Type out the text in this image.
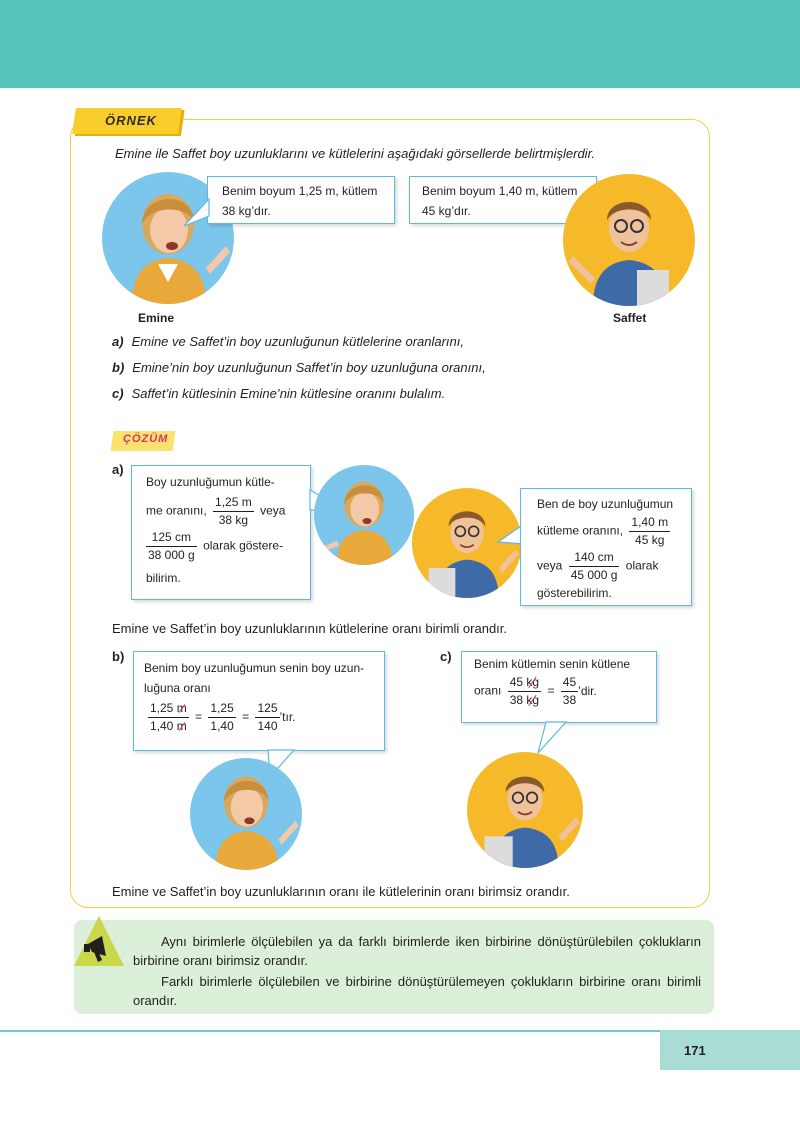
ÖRNEK
Emine ile Saffet boy uzunluklarını ve kütlelerini aşağıdaki görsellerde belirtmişlerdir.
Benim boyum 1,25 m, kütlem
38 kg’dır.
Benim boyum 1,40 m, kütlem
45 kg’dır.
Emine	Saffet
a) Emine ve Saffet’in boy uzunluğunun kütlelerine oranlarını,
b) Emine’nin boy uzunluğunun Saffet’in boy uzunluğuna oranını,
c) Saffet’in kütlesinin Emine’nin kütlesine oranını bulalım.
ÇÖZÜM
a)
Boy uzunluğumun kütle-
me oranını, $\frac{1,25 m}{38 kg}$ veya
$\frac{125 cm}{38 000 g}$ olarak göstere-
bilirim.
Ben de boy uzunluğumun
kütleme oranını, $\frac{1,40 m}{45 kg}$
veya $\frac{140 cm}{45 000 g}$ olarak
gösterebilirim.
Emine ve Saffet’in boy uzunluklarının kütlelerine oranı birimli orandır.
b)
Benim boy uzunluğumun senin boy uzun-
luğuna oranı
$\frac{1,25 m}{1,40 m} = \frac{1,25}{1,40} = \frac{125}{140}$ ’tır.
c) Benim kütlemin senin kütlene
oranı $\frac{45 kg}{38 kg} = \frac{45}{38}$ ’dir.
Emine ve Saffet’in boy uzunluklarının oranı ile kütlelerinin oranı birimsiz orandır.
Aynı birimlerle ölçülebilen ya da farklı birimlerde iken birbirine dönüştürülebilen çoklukların birbirine oranı birimsiz orandır.
Farklı birimlerle ölçülebilen ve birbirine dönüştürülemeyen çoklukların birbirine oranı birimli orandır.
171
